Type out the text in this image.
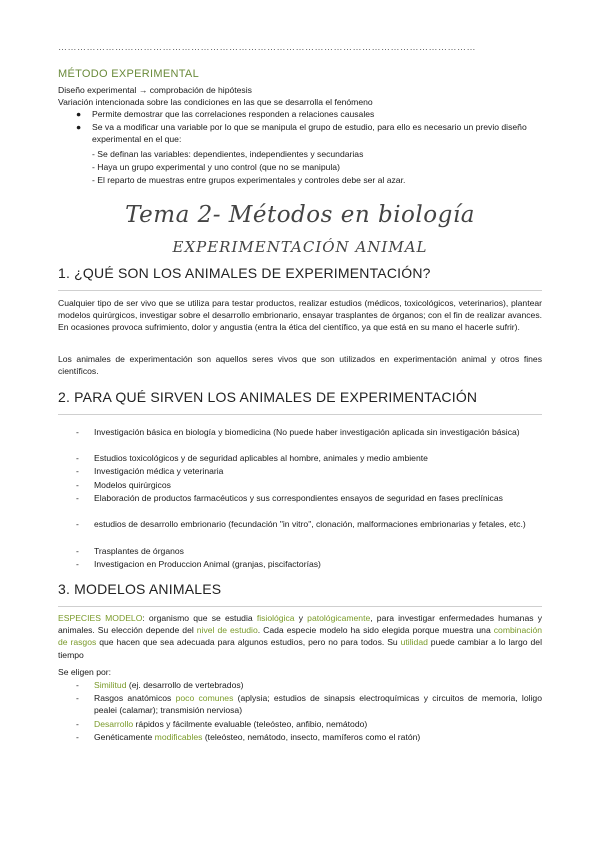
……………………………………………………………………………………………………………………
MÉTODO EXPERIMENTAL
Diseño experimental → comprobación de hipótesis
Variación intencionada sobre las condiciones en las que se desarrolla el fenómeno
● Permite demostrar que las correlaciones responden a relaciones causales
● Se va a modificar una variable por lo que se manipula el grupo de estudio, para ello es necesario un previo diseño experimental en el que:
- Se definan las variables: dependientes, independientes y secundarias
- Haya un grupo experimental y uno control (que no se manipula)
- El reparto de muestras entre grupos experimentales y controles debe ser al azar.
Tema 2- Métodos en biología
EXPERIMENTACIÓN ANIMAL
1. ¿QUÉ SON LOS ANIMALES DE EXPERIMENTACIÓN?
Cualquier tipo de ser vivo que se utiliza para testar productos, realizar estudios (médicos, toxicológicos, veterinarios), plantear modelos quirúrgicos, investigar sobre el desarrollo embrionario, ensayar trasplantes de órganos; con el fin de realizar avances. En ocasiones provoca sufrimiento, dolor y angustia (entra la ética del científico, ya que está en su mano el hacerle sufrir).
Los animales de experimentación son aquellos seres vivos que son utilizados en experimentación animal y otros fines científicos.
2. PARA QUÉ SIRVEN LOS ANIMALES DE EXPERIMENTACIÓN
- Investigación básica en biología y biomedicina (No puede haber investigación aplicada sin investigación básica)
- Estudios toxicológicos y de seguridad aplicables al hombre, animales y medio ambiente
- Investigación médica y veterinaria
- Modelos quirúrgicos
- Elaboración de productos farmacéuticos y sus correspondientes ensayos de seguridad en fases preclínicas
- estudios de desarrollo embrionario (fecundación "in vitro", clonación, malformaciones embrionarias y fetales, etc.)
- Trasplantes de órganos
- Investigacion en Produccion Animal (granjas, piscifactorías)
3. MODELOS ANIMALES
ESPECIES MODELO: organismo que se estudia fisiológica y patológicamente, para investigar enfermedades humanas y animales. Su elección depende del nivel de estudio. Cada especie modelo ha sido elegida porque muestra una combinación de rasgos que hacen que sea adecuada para algunos estudios, pero no para todos. Su utilidad puede cambiar a lo largo del tiempo
Se eligen por:
- Similitud (ej. desarrollo de vertebrados)
- Rasgos anatómicos poco comunes (aplysia; estudios de sinapsis electroquímicas y circuitos de memoria, loligo pealei (calamar); transmisión nerviosa)
- Desarrollo rápidos y fácilmente evaluable (teleósteo, anfibio, nemátodo)
- Genéticamente modificables (teleósteo, nemátodo, insecto, mamíferos como el ratón)
